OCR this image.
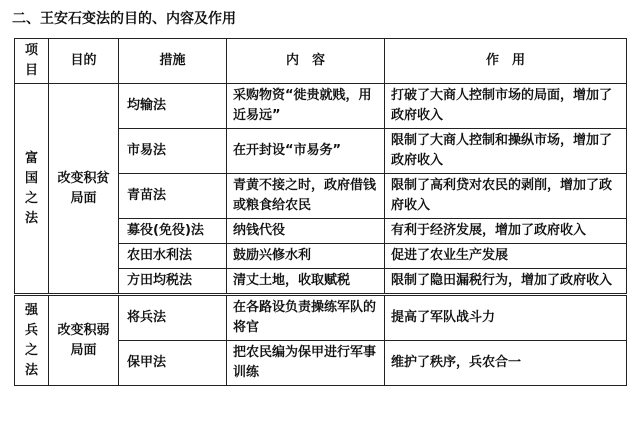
二、王安石变法的目的、内容及作用
项目	目的	措施	内　容	作　用
富国之法	改变积贫局面	均输法	采购物资“徙贵就贱，用近易远”	打破了大商人控制市场的局面，增加了政府收入
		市易法	在开封设“市易务”	限制了大商人控制和操纵市场，增加了政府收入
		青苗法	青黄不接之时，政府借钱或粮食给农民	限制了高利贷对农民的剥削，增加了政府收入
		募役(免役)法	纳钱代役	有利于经济发展，增加了政府收入
		农田水利法	鼓励兴修水利	促进了农业生产发展
		方田均税法	清丈土地，收取赋税	限制了隐田漏税行为，增加了政府收入
强兵之法	改变积弱局面	将兵法	在各路设负责操练军队的将官	提高了军队战斗力
		保甲法	把农民编为保甲进行军事训练	维护了秩序，兵农合一
